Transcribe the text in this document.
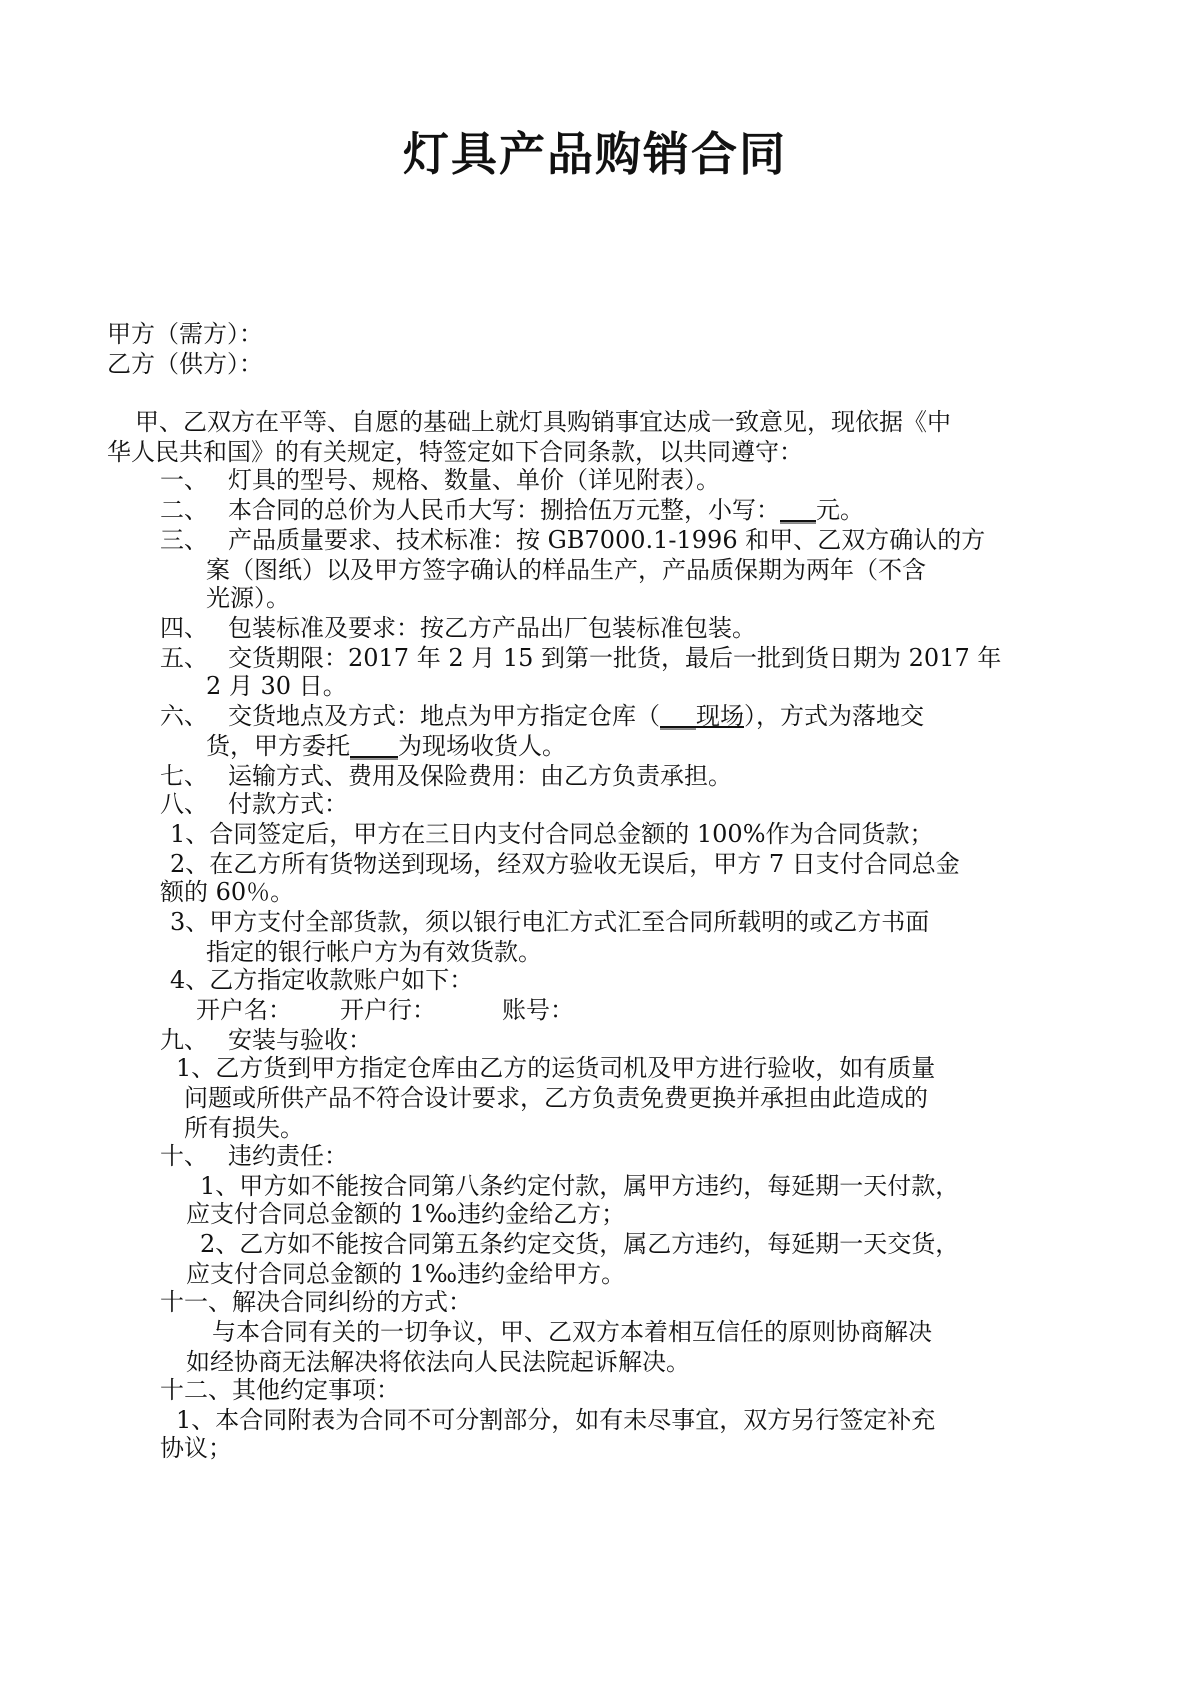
灯具产品购销合同
甲方（需方）：
乙方（供方）：
甲、乙双方在平等、自愿的基础上就灯具购销事宜达成一致意见，现依据《中
华人民共和国》的有关规定，特签定如下合同条款，以共同遵守：
一、 灯具的型号、规格、数量、单价（详见附表）。
二、 本合同的总价为人民币大写：捌拾伍万元整，小写：___元。
三、 产品质量要求、技术标准：按 GB7000.1-1996 和甲、乙双方确认的方
案（图纸）以及甲方签字确认的样品生产，产品质保期为两年（不含
光源）。
四、 包装标准及要求：按乙方产品出厂包装标准包装。
五、 交货期限：2017 年 2 月 15 到第一批货，最后一批到货日期为 2017 年
2 月 30 日。
六、 交货地点及方式：地点为甲方指定仓库（___现场），方式为落地交
货，甲方委托____为现场收货人。
七、 运输方式、费用及保险费用：由乙方负责承担。
八、 付款方式：
1、合同签定后，甲方在三日内支付合同总金额的 100%作为合同货款；
2、在乙方所有货物送到现场，经双方验收无误后，甲方 7 日支付合同总金
额的 60％。
3、甲方支付全部货款，须以银行电汇方式汇至合同所载明的或乙方书面
指定的银行帐户方为有效货款。
4、乙方指定收款账户如下：
开户名： 开户行：	账号：
九、 安装与验收：
1、乙方货到甲方指定仓库由乙方的运货司机及甲方进行验收，如有质量
问题或所供产品不符合设计要求，乙方负责免费更换并承担由此造成的
所有损失。
十、 违约责任：
1、甲方如不能按合同第八条约定付款，属甲方违约，每延期一天付款，
应支付合同总金额的 1‰违约金给乙方；
2、乙方如不能按合同第五条约定交货，属乙方违约，每延期一天交货，
应支付合同总金额的 1‰违约金给甲方。
十一、解决合同纠纷的方式：
与本合同有关的一切争议，甲、乙双方本着相互信任的原则协商解决
如经协商无法解决将依法向人民法院起诉解决。
十二、其他约定事项：
1、本合同附表为合同不可分割部分，如有未尽事宜，双方另行签定补充
协议；
